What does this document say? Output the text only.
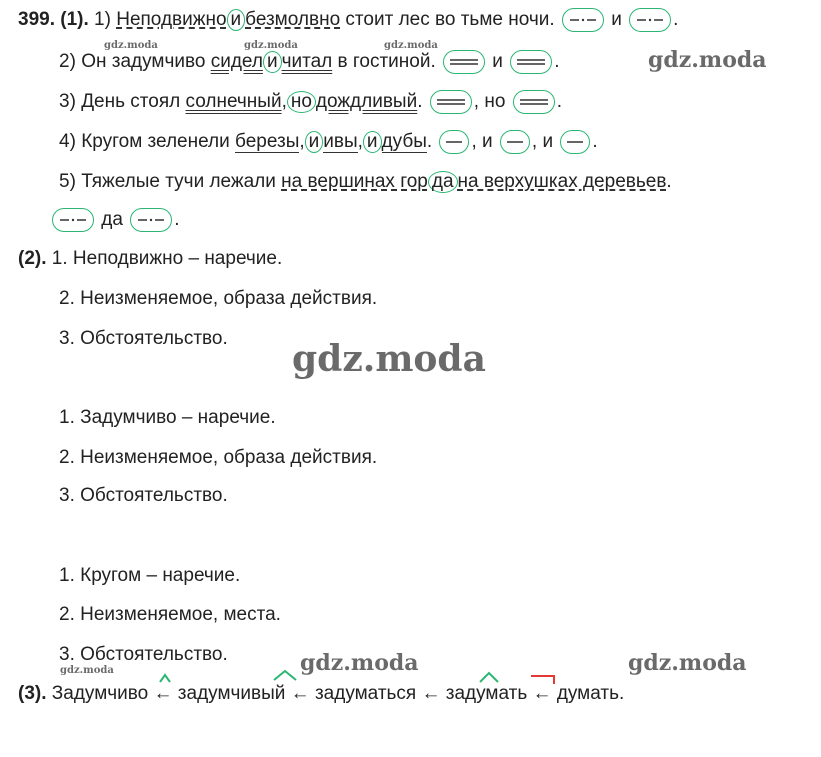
399. (1). 1) Неподвижно и безмолвно стоит лес во тьме ночи.	и	.
2) Он задумчиво сидел и читал в гостиной.	и	.
3) День стоял солнечный, но дождливый.	, но	.
4) Кругом зеленели березы, и ивы, и дубы. , и , и .
5) Тяжелые тучи лежали на вершинах гор да на верхушках деревьев.
да	.
(2). 1. Неподвижно – наречие.
2. Неизменяемое, образа действия.
3. Обстоятельство.
1. Задумчиво – наречие.
2. Неизменяемое, образа действия.
3. Обстоятельство.
1. Кругом – наречие.
2. Неизменяемое, места.
3. Обстоятельство.
(3). Задумчиво ← задумчивый ← задуматься ← задумать ← думать.
gdz.moda	gdz.moda	gdz.moda
gdz.moda
gdz.moda
gdz.moda	gdz.moda
gdz.moda
